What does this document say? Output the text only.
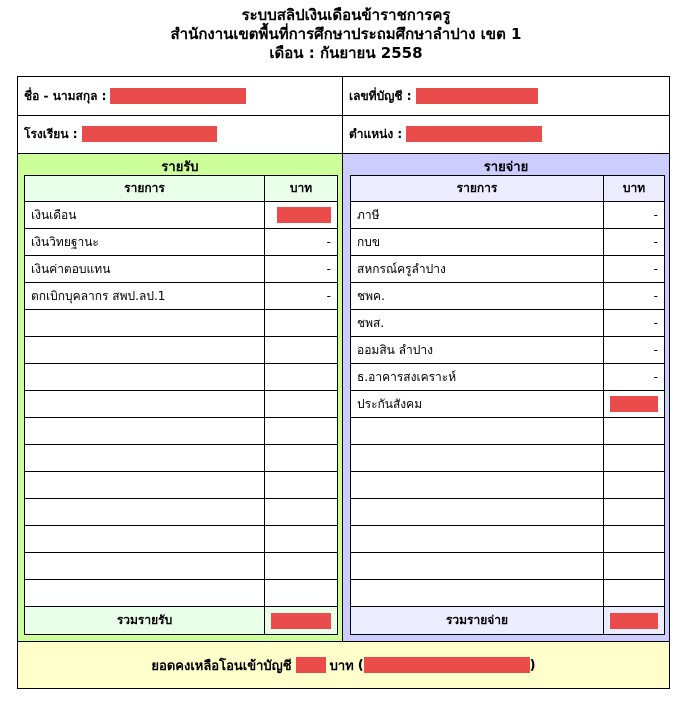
ระบบสลิปเงินเดือนข้าราชการครู
สำนักงานเขตพื้นที่การศึกษาประถมศึกษาลำปาง เขต 1
เดือน : กันยายน 2558
ชื่อ - นามสกุล :	เลขที่บัญชี :
โรงเรียน :	ตำแหน่ง :
รายรับ
รายการ	บาท
เงินเดือน	
เงินวิทยฐานะ	-
เงินค่าตอบแทน	-
ตกเบิกบุคลากร สพป.ลป.1	-

รวมรายรับ	
รายจ่าย
รายการ	บาท
ภาษี	-
กบข	-
สหกรณ์ครูลำปาง	-
ชพค.	-
ชพส.	-
ออมสิน ลำปาง	-
ธ.อาคารสงเคราะห์	-
ประกันสังคม	

รวมรายจ่าย	
ยอดคงเหลือโอนเข้าบัญชี	บาท (	)
